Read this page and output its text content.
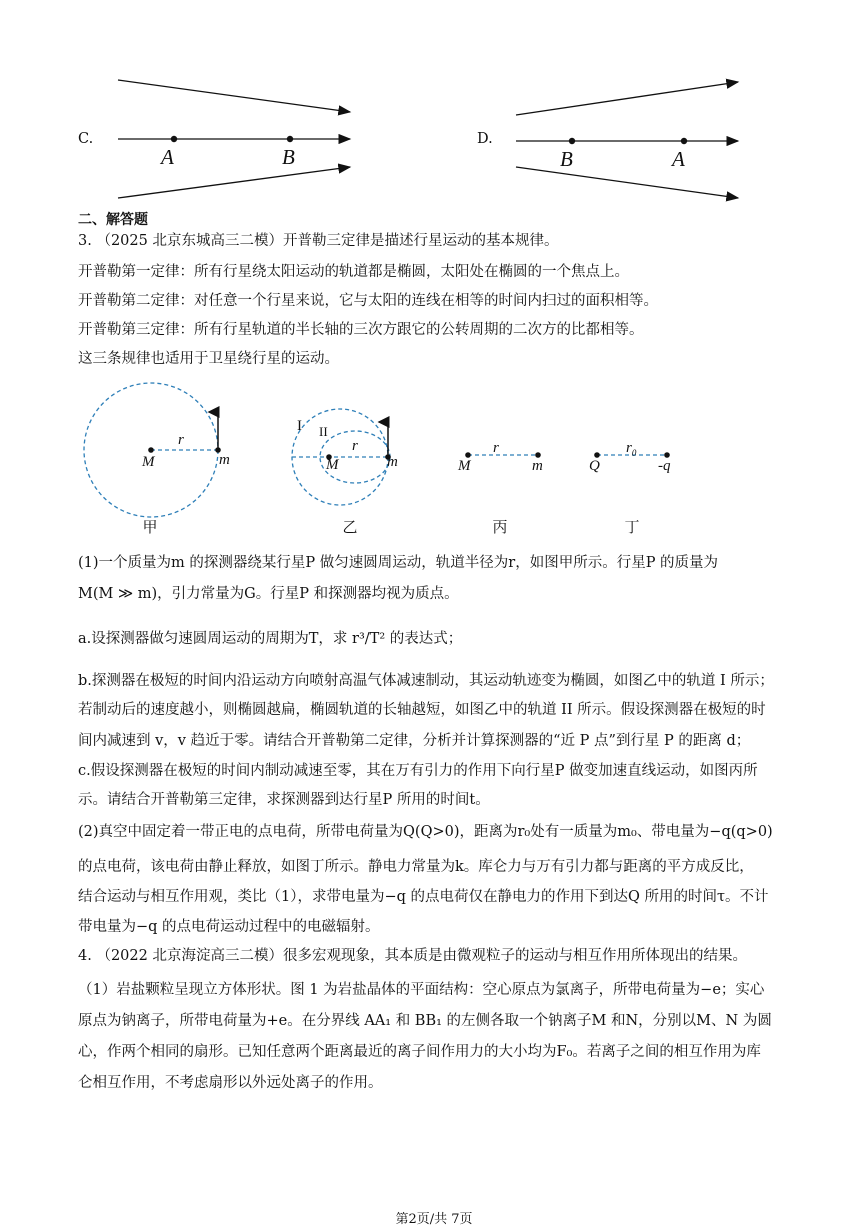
C.
A	B
D.
B	A
二、解答题
3. （2025 北京东城高三二模）开普勒三定律是描述行星运动的基本规律。
开普勒第一定律：所有行星绕太阳运动的轨道都是椭圆，太阳处在椭圆的一个焦点上。
开普勒第二定律：对任意一个行星来说，它与太阳的连线在相等的时间内扫过的面积相等。
开普勒第三定律：所有行星轨道的半长轴的三次方跟它的公转周期的二次方的比都相等。
这三条规律也适用于卫星绕行星的运动。
M
r
m
I II
r
M	m
r
M	m
$r_0$
Q	-q
甲	乙	丙	丁
(1)一个质量为m 的探测器绕某行星P 做匀速圆周运动，轨道半径为r，如图甲所示。行星P 的质量为
M(M ≫ m)，引力常量为G。行星P 和探测器均视为质点。
a.设探测器做匀速圆周运动的周期为T，求 r³/T² 的表达式；
b.探测器在极短的时间内沿运动方向喷射高温气体减速制动，其运动轨迹变为椭圆，如图乙中的轨道 I 所示；
若制动后的速度越小，则椭圆越扁，椭圆轨道的长轴越短，如图乙中的轨道 II 所示。假设探测器在极短的时
间内减速到 v，v 趋近于零。请结合开普勒第二定律，分析并计算探测器的“近 P 点”到行星 P 的距离 d；
c.假设探测器在极短的时间内制动减速至零，其在万有引力的作用下向行星P 做变加速直线运动，如图丙所
示。请结合开普勒第三定律，求探测器到达行星P 所用的时间t。
(2)真空中固定着一带正电的点电荷，所带电荷量为Q(Q>0)，距离为r₀处有一质量为m₀、带电量为−q(q>0)
的点电荷，该电荷由静止释放，如图丁所示。静电力常量为k。库仑力与万有引力都与距离的平方成反比，
结合运动与相互作用观，类比（1），求带电量为−q 的点电荷仅在静电力的作用下到达Q 所用的时间τ。不计
带电量为−q 的点电荷运动过程中的电磁辐射。
4. （2022 北京海淀高三二模）很多宏观现象，其本质是由微观粒子的运动与相互作用所体现出的结果。
（1）岩盐颗粒呈现立方体形状。图 1 为岩盐晶体的平面结构：空心原点为氯离子，所带电荷量为−e；实心
原点为钠离子，所带电荷量为+e。在分界线 AA₁ 和 BB₁ 的左侧各取一个钠离子M 和N，分别以M、N 为圆
心，作两个相同的扇形。已知任意两个距离最近的离子间作用力的大小均为F₀。若离子之间的相互作用为库
仑相互作用，不考虑扇形以外远处离子的作用。
第2页/共 7页
